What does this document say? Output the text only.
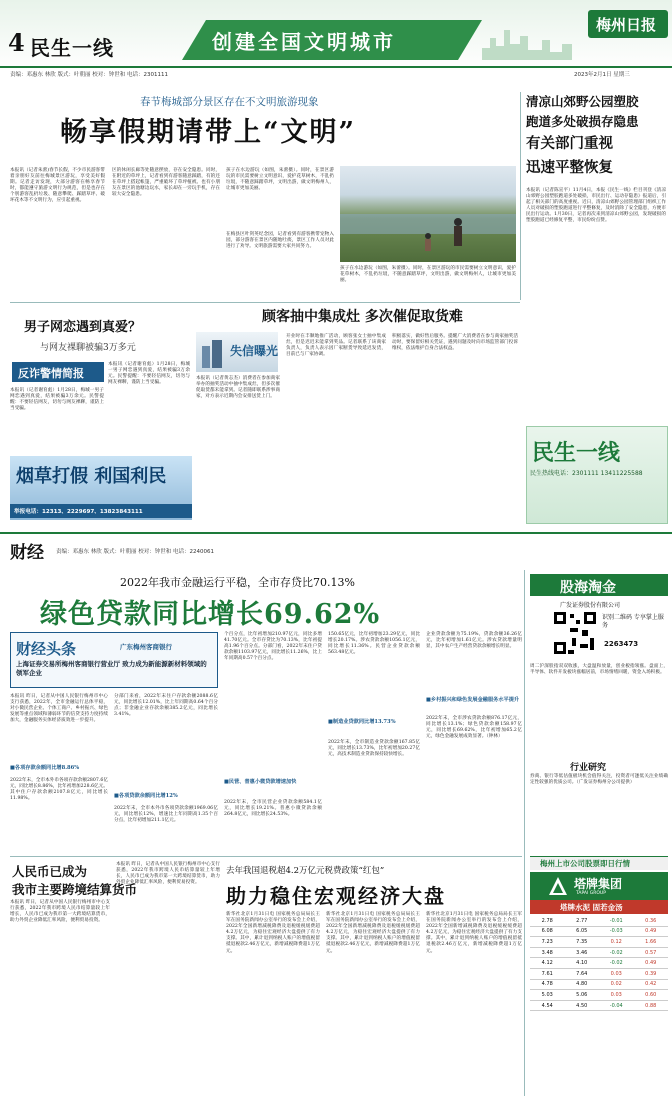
4 民生一线	创建全国文明城市
梅州日报
责编：邓惠东 林欣 版式：叶朝丽 校对：钟世和 电话：2301111	2023年2月1日 星期三
春节梅城部分景区存在不文明旅游现象
畅享假期请带上“文明”
本报讯（记者朱蕾)春节长假，不少市民游客带着亲朋好友前往梅城景区游玩，享受美好假期。记者走访发现，大部分游客在畅享春节时，都能遵守旅游文明行为规范，但是也存在个别游客乱扔垃圾、随意攀爬、踩踏草坪、破坏花木等不文明行为，应引起重视。
区的休闲长廊等处随意摆放，存在安全隐患。同时，在附近的草坪上，记者看到有游客随意踩踏，有的还在草坪上搭起帐篷，严重破坏了草坪植被。也有小朋友在景区的池塘边玩水，家长却在一旁玩手机，存在较大安全隐患。
孩子在水边游玩（如图，朱蕾摄）。同时，在景区游玩的市民需要树立文明意识，爱护花草树木，不乱扔垃圾，不随意踩踏草坪，文明出游，做文明梅州人，让城市更加美丽。
在梅县区叶剑英纪念园，记者看到有游客携带宠物入园，部分游客在景区内随地吐痰，景区工作人员对此进行了劝导。文明旅游需要大家共同努力。
孩子在水边游玩（如图，朱蕾摄）。同时，在景区游玩的市民需要树立文明意识，爱护花草树木，不乱扔垃圾，不随意踩踏草坪，文明出游，做文明梅州人，让城市更加美丽。
清凉山郊野公园塑胶
跑道多处破损存隐患
有关部门重视
迅速平整恢复
本报讯（记者陈宣平）11月4日，本报《民生一线》栏目刊登《清凉山郊野公园塑胶跑道多处破损，市民出行、运动存隐患》报道后，引起了相关部门的高度重视。近日，清凉山郊野公园管理部门组织工作人员对破损的塑胶跑道进行平整修复，及时消除了安全隐患，方便市民出行运动。1月30日，记者再次来到清凉山郊野公园，发现破损的塑胶跑道已经修复平整，市民纷纷点赞。
民生一线
民生热线电话：2301111 13411225588
男子网恋遇到真爱？
与网友裸聊被骗3万多元
反诈警情简报
本报讯（记者谢育彪）1月28日，梅城一男子网恋遇到真爱，结果被骗3万余元。民警提醒：不要轻信网友，切勿与网友裸聊，谨防上当受骗。
本报讯（记者谢育彪）1月28日，梅城一男子网恋遇到真爱，结果被骗3万余元。民警提醒：不要轻信网友，切勿与网友裸聊，谨防上当受骗。
顾客抽中集成灶 多次催促取货难
失信曝光
本报讯（记者黄志杰）消费者在参加商家举办的抽奖活动中抽中集成灶，但多次催促取货都未能拿到。记者随即联系涉事商家，对方表示近期内会安排送货上门。
开业时在丰顺地推广活动，顾客张女士抽中集成灶，但是迟迟未能拿到奖品。记者联系了该商家负责人，负责人表示因厂家断货导致延迟发货，目前已与厂家协调。
积极落实，做好售后服务。提醒广大消费者在参与商家抽奖活动时，要保留好相关凭证，遇到问题及时向市场监管部门投诉维权，依法维护自身合法权益。
烟草打假 利国利民
举报电话：12313、2229697、13823843111
财经 责编：邓惠东 林欣 版式：叶朝丽 校对：钟世和 电话：2240061
2022年我市金融运行平稳，全市存贷比70.13%
绿色贷款同比增长69.62%
财经头条	广东梅州客商银行
上海证券交易所梅州客商银行营业厅 致力成为新能源新材料领域的领军企业
本报讯 昨日，记者从中国人民银行梅州市中心支行获悉，2022年，全市金融运行总体平稳，对小微民营企业、个体工商户、乡村振兴、绿色发展等重点领域和薄弱环节的信贷支持力度持续加大，金融服务实体经济质效进一步提升。
■各项存款余额同比增8.86%
2022年末，全市本外币各项存款余额2807.6亿元，同比增长8.86%，比年初增加228.6亿元。其中住户存款余额2107.8亿元，同比增长11.98%。
分部门来看，2022年末住户存款余额2088.6亿元，同比增长12.01%，比上年同期高0.64个百分点；非金融企业存款余额385.2亿元，同比增长3.41%。
■各项贷款余额同比增12%
2022年末，全市本外币各项贷款余额1969.06亿元，同比增长12%，增速比上年同期高1.35个百分点，比年初增加211.1亿元。
个百分点，比年初增加210.97亿元，同比多增41.70亿元。全市存贷比为70.13%，比年初提高1.96个百分点。分部门看，2022年末住户贷款余额1103.97亿元，同比增长11.26%，比上年同期高0.57个百分点。
■民营、普惠小微贷款增速加快
2022年末，全市民营企业贷款余额584.1亿元，同比增长19.21%。普惠小微贷款余额264.8亿元，同比增长24.53%。
150.65亿元，比年初增加23.29亿元，同比增长20.17%。涉农贷款余额1056.1亿元，同比增长11.36%。民营企业贷款余额563.48亿元。
■制造业贷款同比增13.73%
2022年末，全市制造业贷款余额167.85亿元，同比增长13.73%，比年初增加20.27亿元，高技术制造业贷款保持较快增长。
企业贷款余额为75.19%，贷款余额36.26亿元，比年初增加1.61亿元。涉农贷款增量明显，其中农户生产经营贷款余额增长明显。
■乡村振兴和绿色发展金融服务水平提升
2022年末，全市涉农贷款余额876.17亿元，同比增长13.1%；绿色贷款余额158.97亿元，同比增长69.62%，比年初增加65.2亿元，绿色金融发展成效显著。（钟林）
人民币已成为
我市主要跨境结算货币
本报讯 昨日，记者从中国人民银行梅州市中心支行获悉，2022年我市跨境人民币结算量较上年增长，人民币已成为我市第一大跨境结算货币，助力外贸企业降低汇率风险，便利贸易投资。
本报讯 昨日，记者从中国人民银行梅州市中心支行获悉，2022年我市跨境人民币结算量较上年增长，人民币已成为我市第一大跨境结算货币，助力外贸企业降低汇率风险，便利贸易投资。
去年我国退税超4.2万亿元税费政策“红包”
助力稳住宏观经济大盘
新华社北京1月31日电 国家税务总局局长王军在国务院新闻办公室举行的发布会上介绍，2022年全国新增减税降费及退税缓税缓费超4.2万亿元，为稳住宏观经济大盘提供了有力支撑。其中，累计退到纳税人账户的增值税留抵退税款2.46万亿元，新增减税降费超1万亿元。
新华社北京1月31日电 国家税务总局局长王军在国务院新闻办公室举行的发布会上介绍，2022年全国新增减税降费及退税缓税缓费超4.2万亿元，为稳住宏观经济大盘提供了有力支撑。其中，累计退到纳税人账户的增值税留抵退税款2.46万亿元，新增减税降费超1万亿元。
新华社北京1月31日电 国家税务总局局长王军在国务院新闻办公室举行的发布会上介绍，2022年全国新增减税降费及退税缓税缓费超4.2万亿元，为稳住宏观经济大盘提供了有力支撑。其中，累计退到纳税人账户的增值税留抵退税款2.46万亿元，新增减税降费超1万亿元。
股海淘金
广发证券股份有限公司
识别二维码 专享掌上服务
2263473
周二沪深股指双双收涨，大盘温和放量，创业板指领涨。盘面上，半导体、软件开发板块涨幅居前，市场情绪回暖，资金入场积极。
行业研究
券商、银行等低估值板块机会值得关注，投资者可逢低关注业绩确定性较强的优质公司。（广发证券梅州分公司提供）
梅州上市公司股票即日行情
塔牌集团
TAPAI GROUP
塔牌水泥 固若金汤
2.78	2.77	-0.01	0.36
6.08	6.05	-0.03	0.49
7.23	7.35	0.12	1.66
3.48	3.46	-0.02	0.57
4.12	4.10	-0.02	0.49
7.61	7.64	0.03	0.39
4.78	4.80	0.02	0.42
5.03	5.06	0.03	0.60
4.54	4.50	-0.04	0.88
